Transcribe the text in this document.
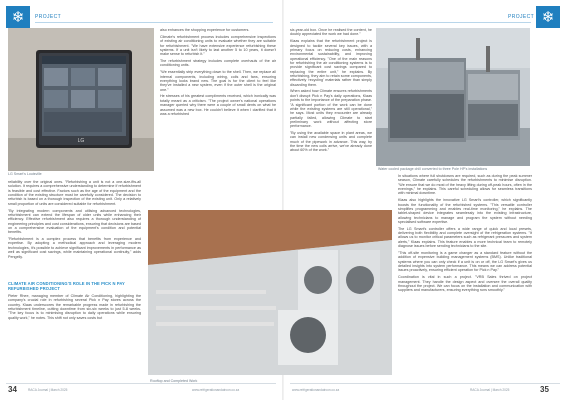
❄	PROJECT	❄
PROJECT
LG
LG Smart's Louisville
Water cooled package chill converted to three Pole HP's installations
Rooftop and Completed Work

reliability over the original ones. "Refurbishing a unit is not a one-size-fits-all solution. It requires a comprehensive understanding to determine if refurbishment is feasible and cost effective. Factors such as the age of the equipment and the condition of the existing structure must be carefully considered. The decision to refurbish is based on a thorough inspection of the existing unit. Only a relatively small proportion of units are considered suitable for refurbishment.

"By integrating modern components and utilising advanced technologies, refurbishment can extend the lifespan of older units while enhancing their efficiency. Effective refurbishment also requires a thorough understanding of engineering principles and cost considerations, ensuring that decisions are based on a comprehensive evaluation of the equipment's condition and potential benefits.

"Refurbishment is a complex process that benefits from experience and expertise. By adopting a methodical approach and leveraging modern technologies, it's possible to achieve significant improvements in performance as well as significant cost savings, while maintaining operational continuity," adds Pengelly.

CLIMATE AIR CONDITIONING'S ROLE IN THE PICK N PAY REFURBISHED PROJECT

Pieter Rhee, managing member of Climate Air Conditioning, highlighting the company's crucial role in refurbishing several Pick n Pay stores across the country. Klaas underscores the remarkable progress made in refurbishing the refurbishment timeline, cutting downtime from six-six weeks to just 5-8 weeks. "The key focus is to minimising disruption to daily operations while ensuring quality work," he notes. This shift not only saves costs but

also enhances the shopping experience for customers.

Climate's refurbishment process includes comprehensive inspections of existing air conditioning units to evaluate whether they are suitable for refurbishment. "We have extensive experience refurbishing these systems. If a unit isn't likely to last another 5 to 10 years, it doesn't make sense to refurbish it."

The refurbishment strategy includes complete overhauls of the air conditioning units.

"We essentially strip everything down to the shell. Then, we replace all internal components, including wiring, coils and fans, ensuring everything looks brand new. The goal is for the client to feel like they've installed a new system, even if the outer shell is the original one."

He stresses of his greatest compliments received, which ironically was totally meant as a criticism. "The project owner's national operations manager queried why there were a couple of small dents on what he assumed was a new box. He couldn't believe it when I clarified that it was a refurbished

six-year-old box. Once he realised the content, he doubly appreciated the work we had done."

Klaas explains that the refurbishment project is designed to tackle several key issues, with a primary focus on reducing costs, enhancing environmental sustainability, and improving operational efficiency. "One of the main reasons for refurbishing the air conditioning systems is to provide significant cost savings compared to replacing the entire unit," he explains. By refurbishing, they aim to retain some components, effectively 'recycling' materials rather than simply discarding them.

When asked how Climate ensures refurbishments don't disrupt Pick n Pay's daily operations, Klaas points to the importance of the preparation phase. "A significant portion of the work can be done while the existing systems are still operational," he says. Most units they encounter are already partially failed, allowing Climate to start preliminary work without affecting store performance.

"By using the available space in plant areas, we can install new condensing units and complete much of the pipework in advance. This way, by the time the new coils arrive, we've already done about 60% of the work."

In situations where full shutdowns are required, such as during the peak summer season, Climate carefully schedules the refurbishments to minimise disruption. "We ensure that we do most of the heavy lifting during off-peak hours, often in the evenings," he explains. This careful scheduling allows for seamless transitions with minimal downtime.

Klaas also highlights the innovative LG Smart's controller, which significantly boosts the functionality of the refurbished systems. "This versatile controller simplifies programming and enables real-time monitoring," he explains. The tablet-shaped device integrates seamlessly into the existing infrastructure, allowing technicians to manage and program the system without needing specialised software expertise.

The LG Smart's controller offers a wide range of quick and local presets, delivering both flexibility and complete oversight of the refrigeration systems. "It allows us to monitor critical parameters such as refrigerant pressures and system alerts," Klaas explains. This feature enables a more technical team to remotely diagnose issues before sending technicians to the site.

"This off-site monitoring is a game changer as a standard feature without the addition of expensive building management systems (BMS). Unlike traditional systems where you can only check if a unit is on or off, the LG Smart's gives us detailed insights into system performance. This means we can address potential issues proactively, ensuring efficient operation for Pick n Pay."

Coordination is vital in such a project. "VRB Sales thrived on project management. They handle the design aspect and oversee the overall quality throughout the project. We can focus on the installation and communication with suppliers and manufacturers, ensuring everything runs smoothly."

34	RACA Journal | March 2025	www.refrigerationandaircon.co.za	www.refrigerationandaircon.co.za	RACA Journal | March 2025	35
